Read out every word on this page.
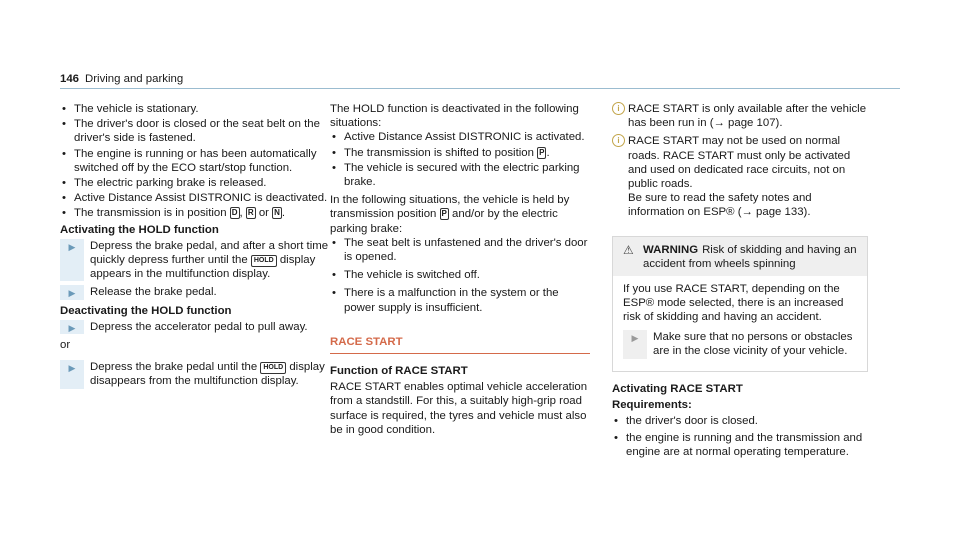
146 Driving and parking
• The vehicle is stationary.
• The driver's door is closed or the seat belt on the driver's side is fastened.
• The engine is running or has been automatically switched off by the ECO start/stop function.
• The electric parking brake is released.
• Active Distance Assist DISTRONIC is deactivated.
• The transmission is in position D , R or N .
Activating the HOLD function
▶	Depress the brake pedal, and after a short time quickly depress further until the HOLD display appears in the multifunction display.
▶	Release the brake pedal.
Deactivating the HOLD function
▶	Depress the accelerator pedal to pull away.
or
▶	Depress the brake pedal until the HOLD display disappears from the multifunction display.

The HOLD function is deactivated in the following situations:

• Active Distance Assist DISTRONIC is activated.
• The transmission is shifted to position P .
• The vehicle is secured with the electric parking brake.

In the following situations, the vehicle is held by transmission position P and/or by the electric parking brake:

• The seat belt is unfastened and the driver's door is opened.
• The vehicle is switched off.
• There is a malfunction in the system or the power supply is insufficient.
RACE START
Function of RACE START

RACE START enables optimal vehicle acceleration from a standstill. For this, a suitably high-grip road surface is required, the tyres and vehicle must also be in good condition.

i RACE START is only available after the vehicle has been run in (→ page 107).
i RACE START may not be used on normal roads. RACE START must only be activated and used on dedicated race circuits, not on public roads.
Be sure to read the safety notes and information on ESP® (→ page 133).
⚠ WARNING Risk of skidding and having an accident from wheels spinning

If you use RACE START, depending on the ESP® mode selected, there is an increased risk of skidding and having an accident.

▶	Make sure that no persons or obstacles are in the close vicinity of your vehicle.
Activating RACE START
Requirements:
• the driver's door is closed.
• the engine is running and the transmission and engine are at normal operating temperature.
